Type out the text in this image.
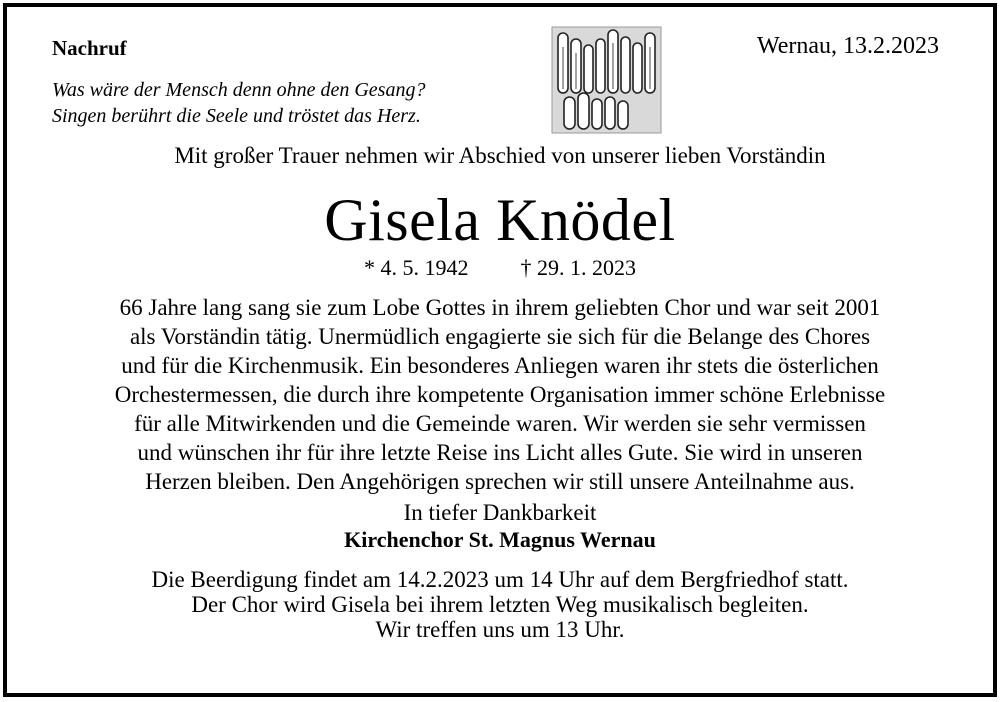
Nachruf	Wernau, 13.2.2023
Was wäre der Mensch denn ohne den Gesang?
Singen berührt die Seele und tröstet das Herz.
Mit großer Trauer nehmen wir Abschied von unserer lieben Vorständin
Gisela Knödel
* 4. 5. 1942 † 29. 1. 2023
66 Jahre lang sang sie zum Lobe Gottes in ihrem geliebten Chor und war seit 2001
als Vorständin tätig. Unermüdlich engagierte sie sich für die Belange des Chores
und für die Kirchenmusik. Ein besonderes Anliegen waren ihr stets die österlichen
Orchestermessen, die durch ihre kompetente Organisation immer schöne Erlebnisse
für alle Mitwirkenden und die Gemeinde waren. Wir werden sie sehr vermissen
und wünschen ihr für ihre letzte Reise ins Licht alles Gute. Sie wird in unseren
Herzen bleiben. Den Angehörigen sprechen wir still unsere Anteilnahme aus.
In tiefer Dankbarkeit
Kirchenchor St. Magnus Wernau
Die Beerdigung findet am 14.2.2023 um 14 Uhr auf dem Bergfriedhof statt.
Der Chor wird Gisela bei ihrem letzten Weg musikalisch begleiten.
Wir treffen uns um 13 Uhr.
